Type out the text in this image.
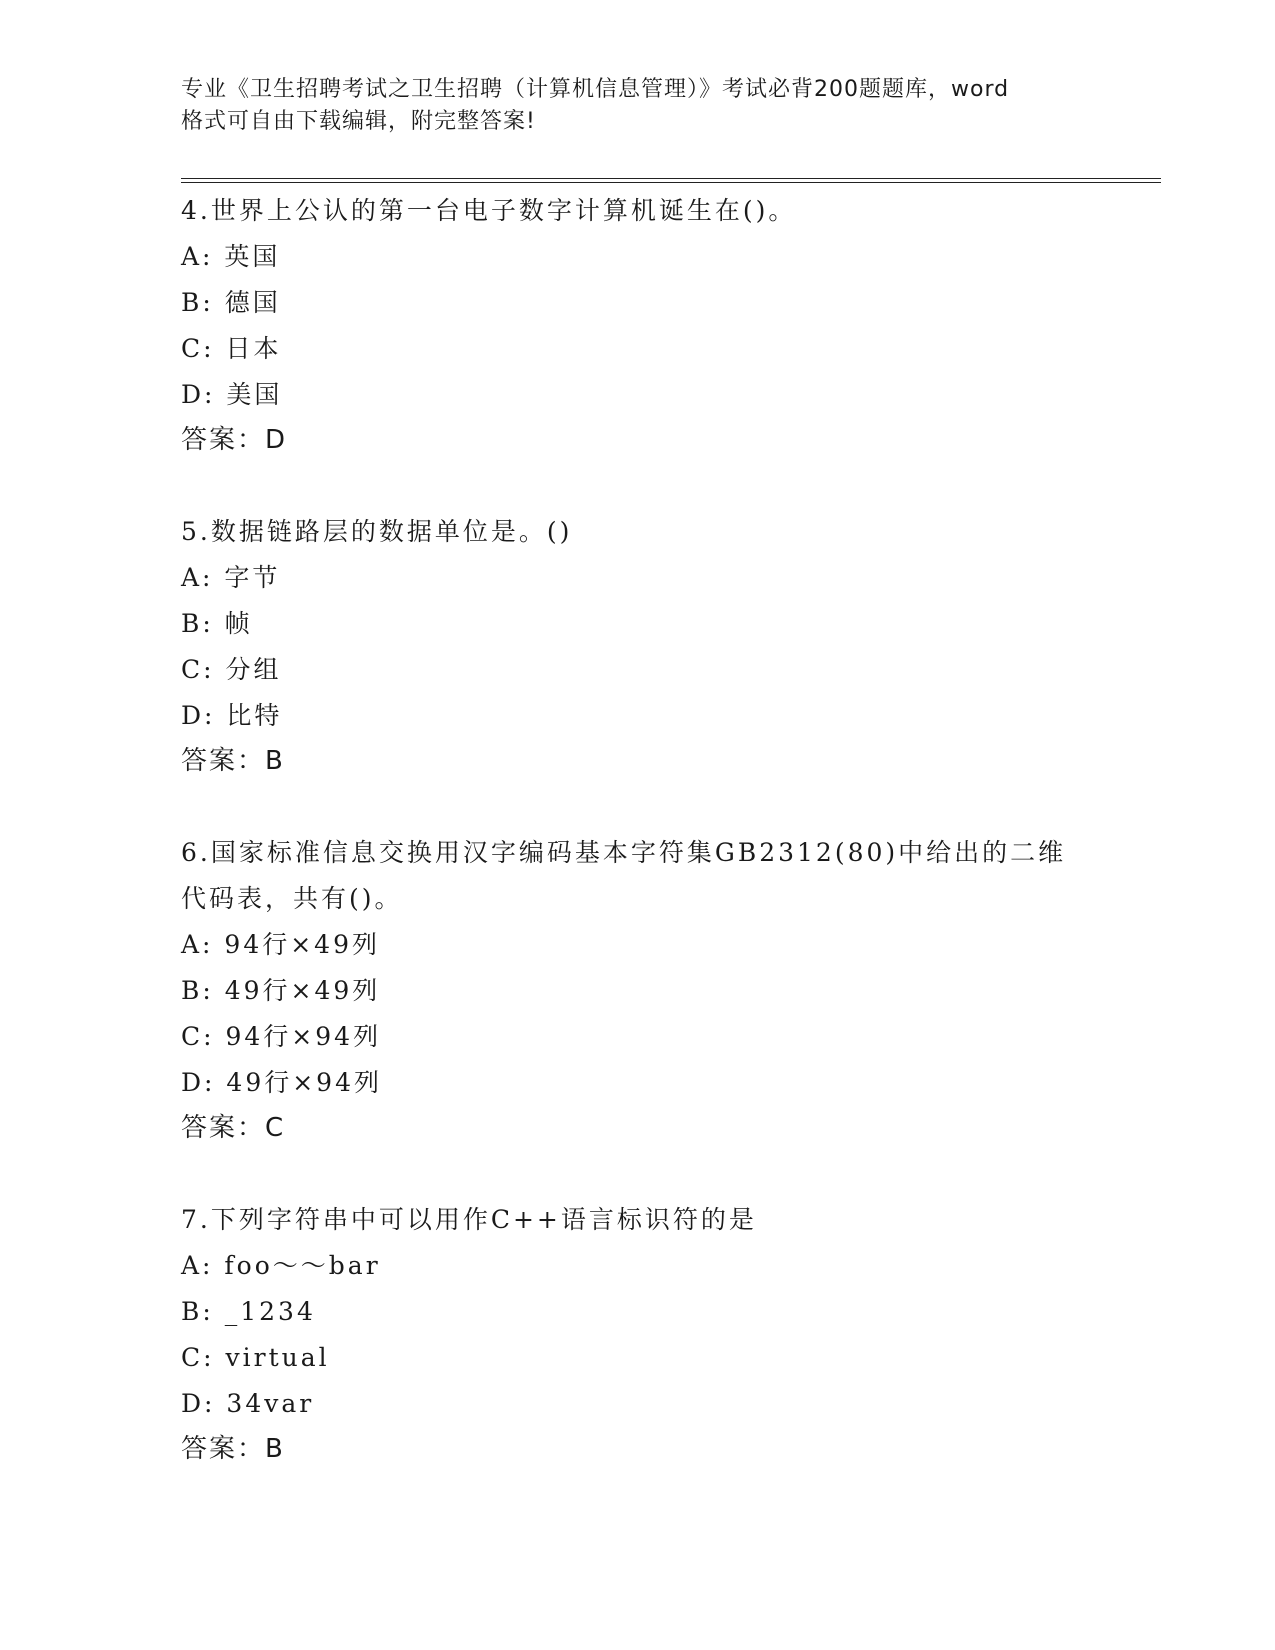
专业《卫生招聘考试之卫生招聘（计算机信息管理）》考试必背200题题库，word
格式可自由下载编辑，附完整答案!
4.世界上公认的第一台电子数字计算机诞生在()。
A: 英国
B: 德国
C: 日本
D: 美国
答案：D
5.数据链路层的数据单位是。()
A: 字节
B: 帧
C: 分组
D: 比特
答案：B
6.国家标准信息交换用汉字编码基本字符集GB2312(80)中给出的二维
代码表，共有()。
A: 94行×49列
B: 49行×49列
C: 94行×94列
D: 49行×94列
答案：C
7.下列字符串中可以用作C++语言标识符的是
A: foo～～bar
B: _1234
C: virtual
D: 34var
答案：B
